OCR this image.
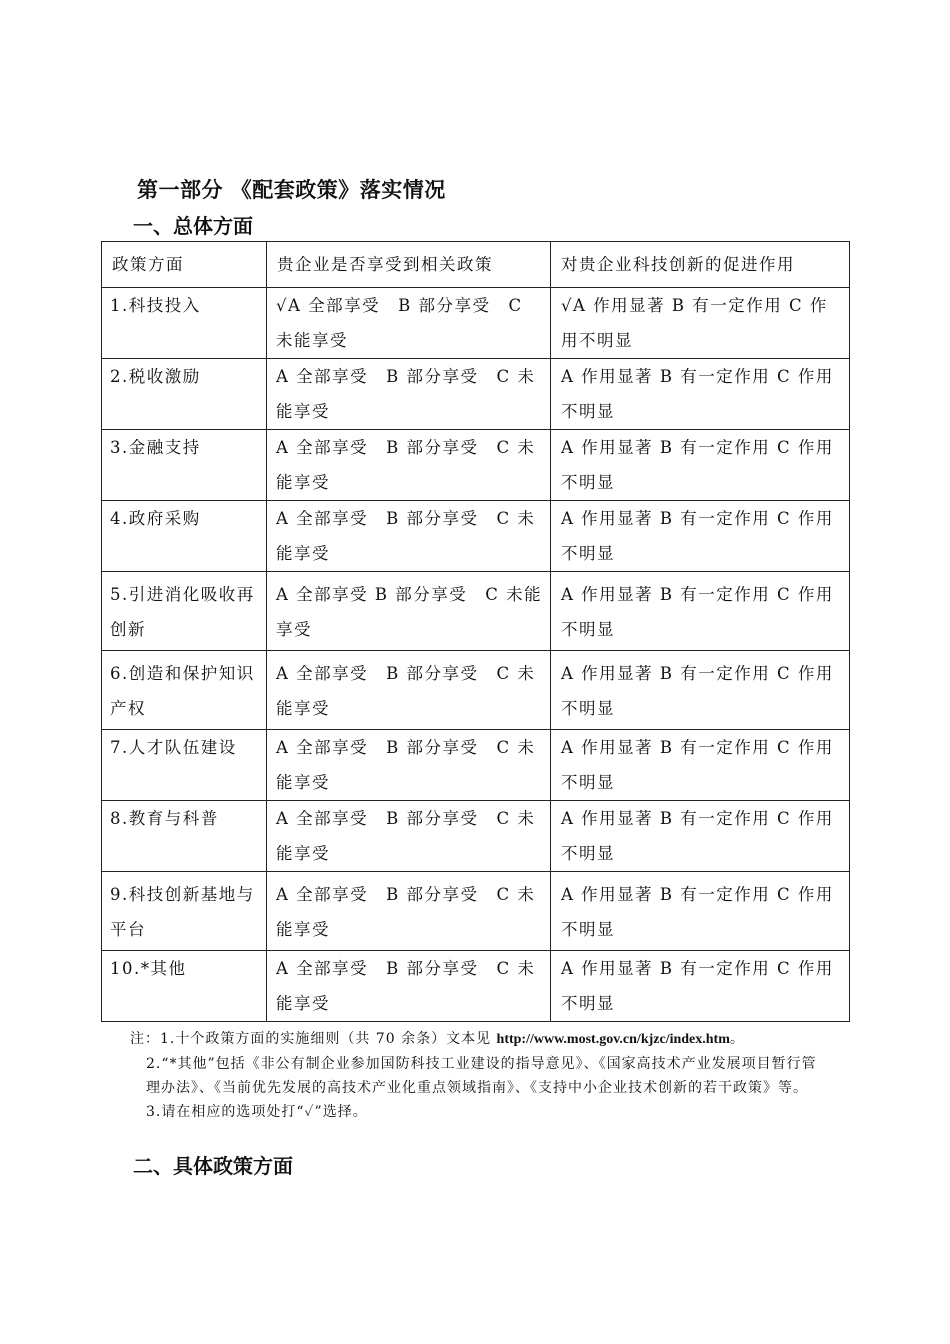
第一部分 《配套政策》落实情况
一、总体方面
政策方面	贵企业是否享受到相关政策	对贵企业科技创新的促进作用
1.科技投入	√A 全部享受　B 部分享受　C 未能享受	√A 作用显著 B 有一定作用 C 作用不明显
2.税收激励	A 全部享受　B 部分享受　C 未能享受	A 作用显著 B 有一定作用 C 作用不明显
3.金融支持	A 全部享受　B 部分享受　C 未能享受	A 作用显著 B 有一定作用 C 作用不明显
4.政府采购	A 全部享受　B 部分享受　C 未能享受	A 作用显著 B 有一定作用 C 作用不明显
5.引进消化吸收再创新	A 全部享受 B 部分享受　C 未能享受	A 作用显著 B 有一定作用 C 作用不明显
6.创造和保护知识产权	A 全部享受　B 部分享受　C 未能享受	A 作用显著 B 有一定作用 C 作用不明显
7.人才队伍建设	A 全部享受　B 部分享受　C 未能享受	A 作用显著 B 有一定作用 C 作用不明显
8.教育与科普	A 全部享受　B 部分享受　C 未能享受	A 作用显著 B 有一定作用 C 作用不明显
9.科技创新基地与平台	A 全部享受　B 部分享受　C 未能享受	A 作用显著 B 有一定作用 C 作用不明显
10.*其他	A 全部享受　B 部分享受　C 未能享受	A 作用显著 B 有一定作用 C 作用不明显

注：1.十个政策方面的实施细则（共 70 余条）文本见 http://www.most.gov.cn/kjzc/index.htm。

2.“*其他”包括《非公有制企业参加国防科技工业建设的指导意见》、《国家高技术产业发展项目暂行管理办法》、《当前优先发展的高技术产业化重点领域指南》、《支持中小企业技术创新的若干政策》等。

3.请在相应的选项处打“✓”选择。

二、具体政策方面
